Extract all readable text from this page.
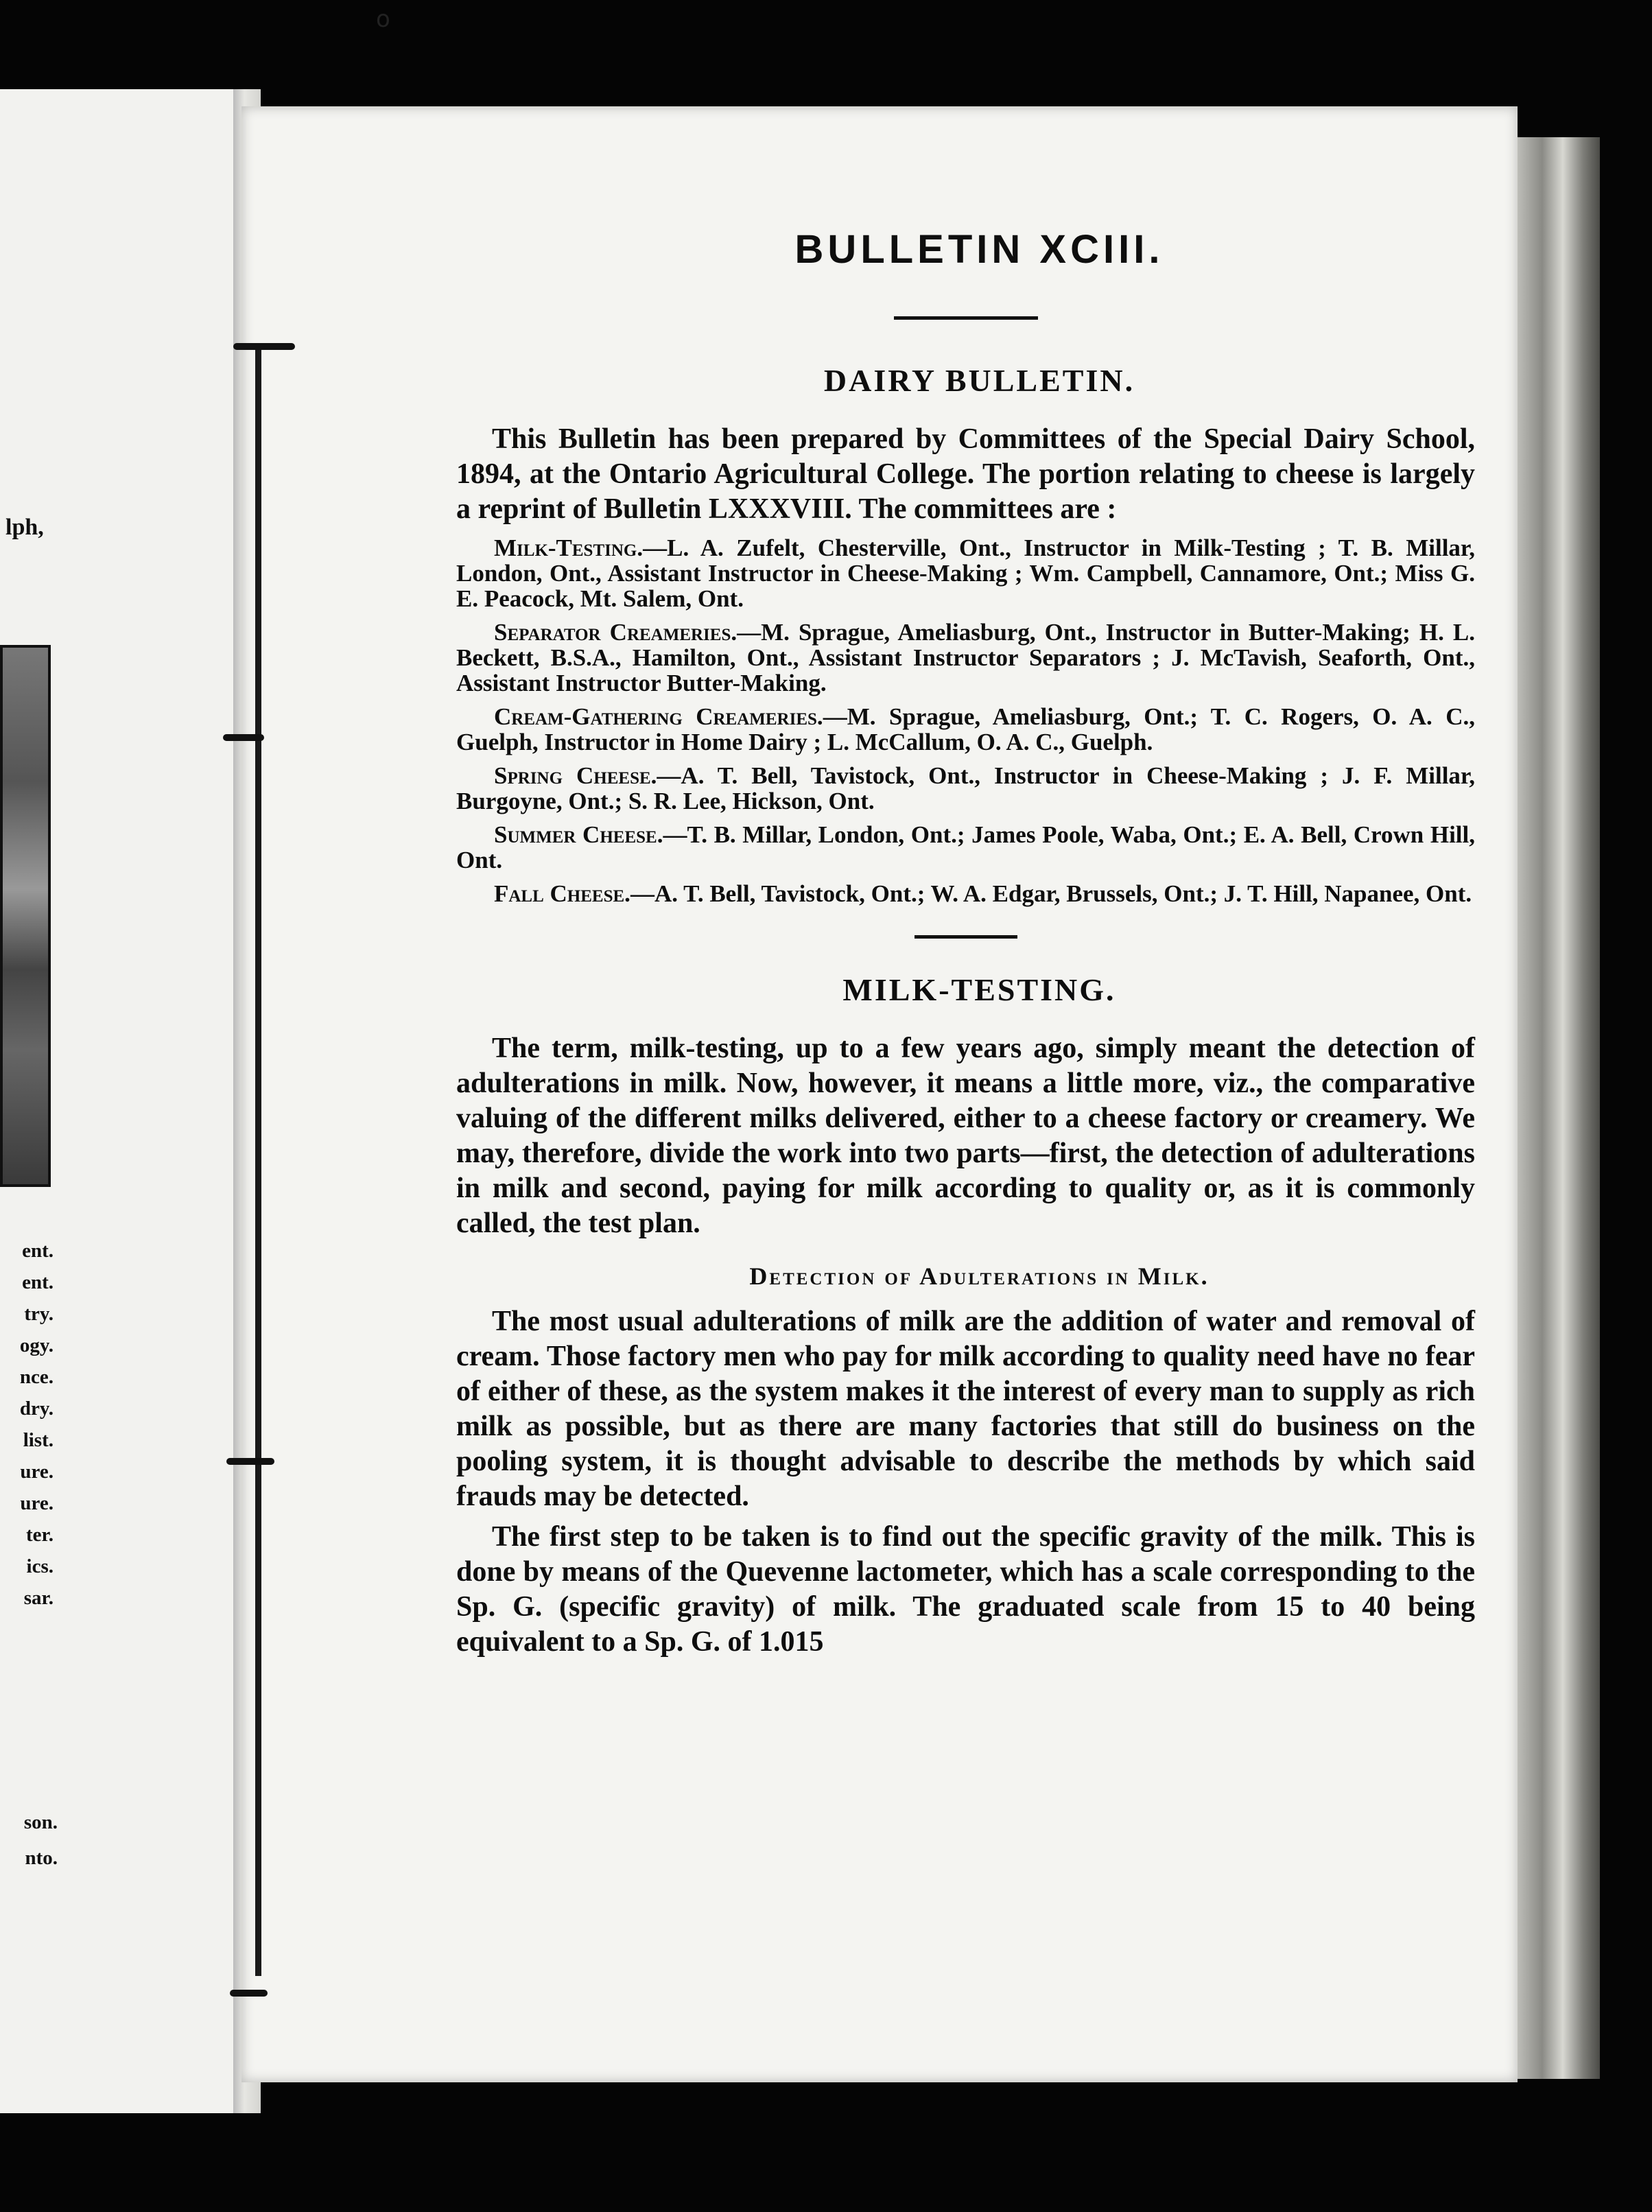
lph,
ent.
ent.
try.
ogy.
nce.
dry.
list.
ure.
ure.
ter.
ics.
sar.
son.
nto.
o
BULLETIN XCIII.
DAIRY BULLETIN.

This Bulletin has been prepared by Committees of the Special Dairy School, 1894, at the Ontario Agricultural College. The portion relating to cheese is largely a reprint of Bulletin LXXXVIII. The committees are :

Milk-Testing.—L. A. Zufelt, Chesterville, Ont., Instructor in Milk-Testing ; T. B. Millar, London, Ont., Assistant Instructor in Cheese-Making ; Wm. Campbell, Cannamore, Ont.; Miss G. E. Peacock, Mt. Salem, Ont.

Separator Creameries.—M. Sprague, Ameliasburg, Ont., Instructor in Butter-Making; H. L. Beckett, B.S.A., Hamilton, Ont., Assistant Instructor Separators ; J. McTavish, Seaforth, Ont., Assistant Instructor Butter-Making.

Cream-Gathering Creameries.—M. Sprague, Ameliasburg, Ont.; T. C. Rogers, O. A. C., Guelph, Instructor in Home Dairy ; L. McCallum, O. A. C., Guelph.

Spring Cheese.—A. T. Bell, Tavistock, Ont., Instructor in Cheese-Making ; J. F. Millar, Burgoyne, Ont.; S. R. Lee, Hickson, Ont.

Summer Cheese.—T. B. Millar, London, Ont.; James Poole, Waba, Ont.; E. A. Bell, Crown Hill, Ont.

Fall Cheese.—A. T. Bell, Tavistock, Ont.; W. A. Edgar, Brussels, Ont.; J. T. Hill, Napanee, Ont.

MILK-TESTING.

The term, milk-testing, up to a few years ago, simply meant the detection of adulterations in milk. Now, however, it means a little more, viz., the comparative valuing of the different milks delivered, either to a cheese factory or creamery. We may, therefore, divide the work into two parts—first, the detection of adulterations in milk and second, paying for milk according to quality or, as it is commonly called, the test plan.

Detection of Adulterations in Milk.

The most usual adulterations of milk are the addition of water and removal of cream. Those factory men who pay for milk according to quality need have no fear of either of these, as the system makes it the interest of every man to supply as rich milk as possible, but as there are many factories that still do business on the pooling system, it is thought advisable to describe the methods by which said frauds may be detected.

The first step to be taken is to find out the specific gravity of the milk. This is done by means of the Quevenne lactometer, which has a scale corresponding to the Sp. G. (specific gravity) of milk. The graduated scale from 15 to 40 being equivalent to a Sp. G. of 1.015
